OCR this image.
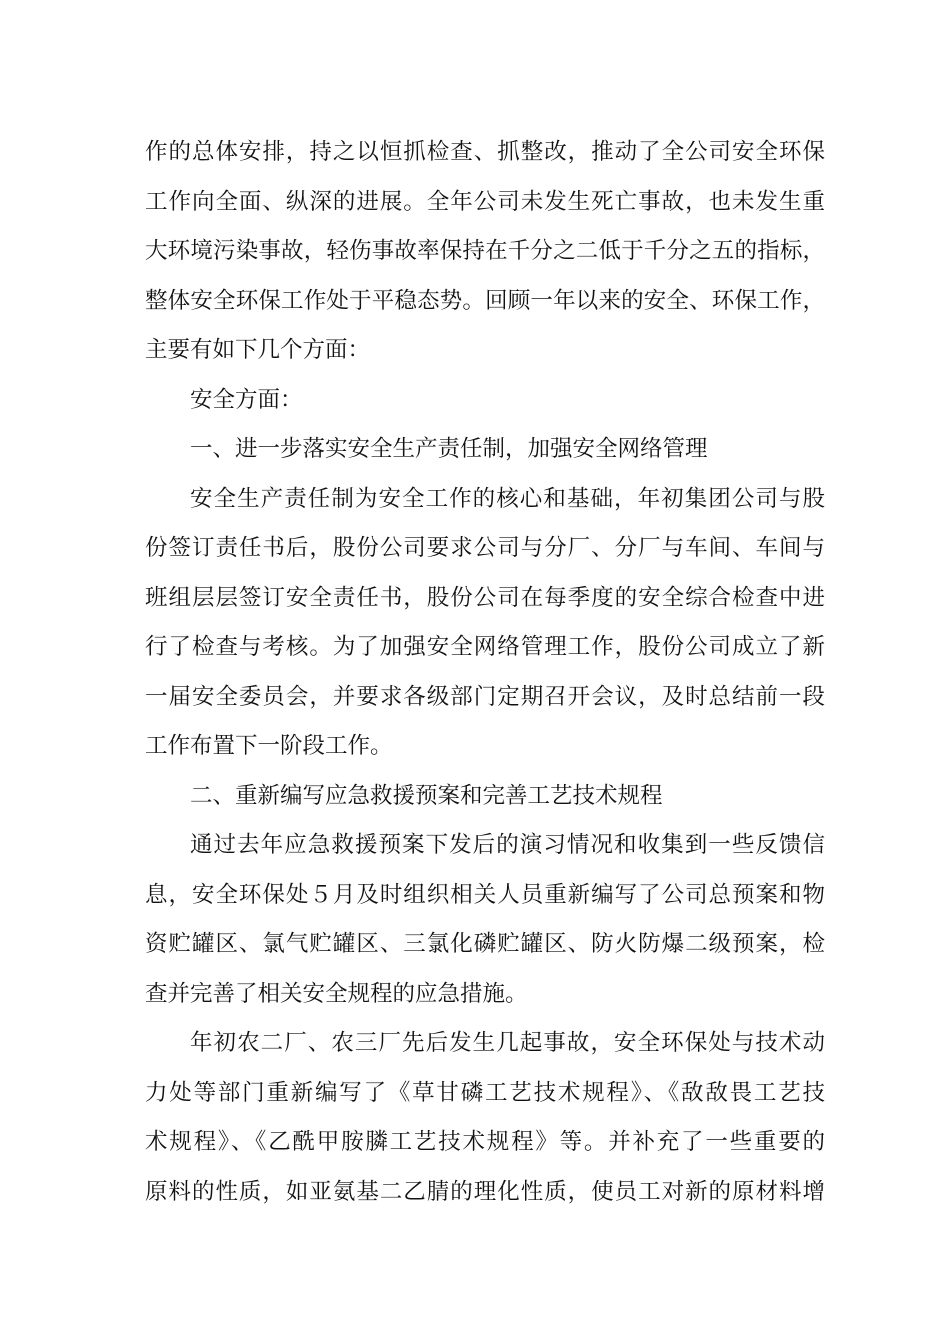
作的总体安排，持之以恒抓检查、抓整改，推动了全公司安全环保
工作向全面、纵深的进展。全年公司未发生死亡事故，也未发生重
大环境污染事故，轻伤事故率保持在千分之二低于千分之五的指标，
整体安全环保工作处于平稳态势。回顾一年以来的安全、环保工作，
主要有如下几个方面：
安全方面：
一、进一步落实安全生产责任制，加强安全网络管理
安全生产责任制为安全工作的核心和基础，年初集团公司与股
份签订责任书后，股份公司要求公司与分厂、分厂与车间、车间与
班组层层签订安全责任书，股份公司在每季度的安全综合检查中进
行了检查与考核。为了加强安全网络管理工作，股份公司成立了新
一届安全委员会，并要求各级部门定期召开会议，及时总结前一段
工作布置下一阶段工作。
二、重新编写应急救援预案和完善工艺技术规程
通过去年应急救援预案下发后的演习情况和收集到一些反馈信
息，安全环保处５月及时组织相关人员重新编写了公司总预案和物
资贮罐区、氯气贮罐区、三氯化磷贮罐区、防火防爆二级预案，检
查并完善了相关安全规程的应急措施。
年初农二厂、农三厂先后发生几起事故，安全环保处与技术动
力处等部门重新编写了《草甘磷工艺技术规程》、《敌敌畏工艺技
术规程》、《乙酰甲胺膦工艺技术规程》等。并补充了一些重要的
原料的性质，如亚氨基二乙腈的理化性质，使员工对新的原材料增
